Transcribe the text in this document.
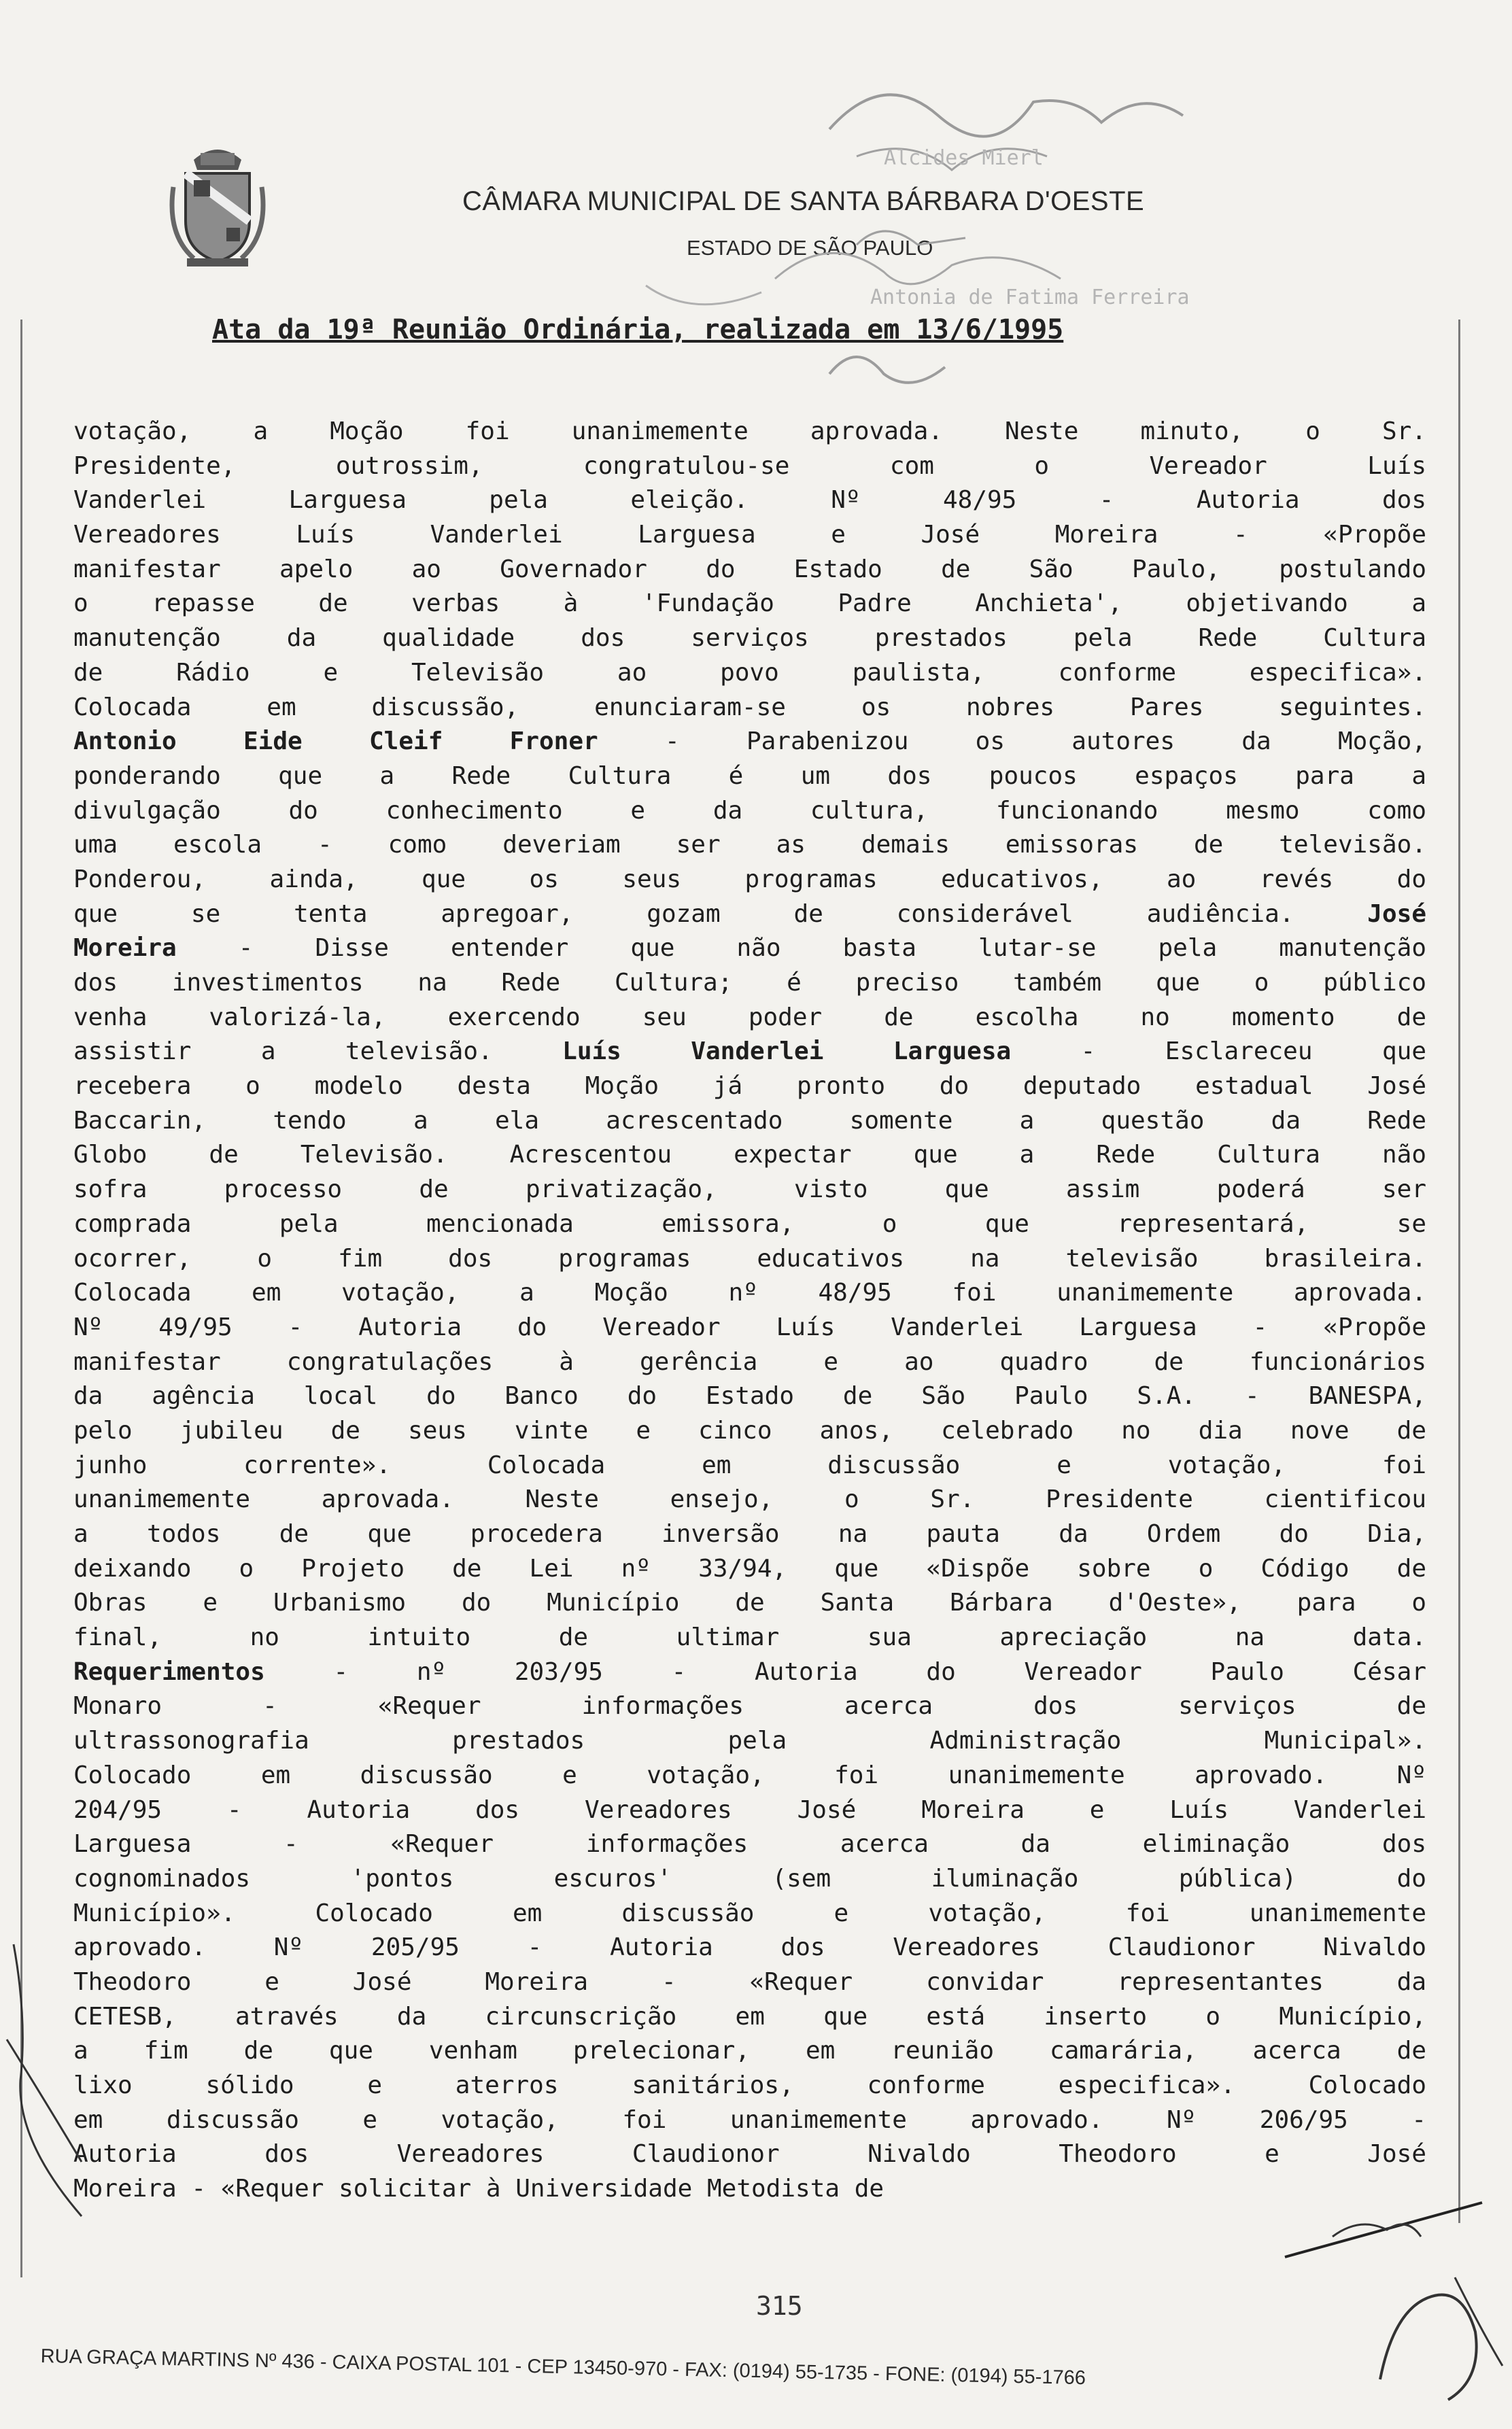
CÂMARA MUNICIPAL DE SANTA BÁRBARA D'OESTE
ESTADO DE SÃO PAULO
Ata da 19ª Reunião Ordinária, realizada em 13/6/1995
Alcides Mierl
Antonia de Fatima Ferreira
votação, a Moção foi unanimemente aprovada. Neste minuto, o Sr.
Presidente, outrossim, congratulou-se com o Vereador Luís
Vanderlei Larguesa pela eleição. Nº 48/95 - Autoria dos
Vereadores Luís Vanderlei Larguesa e José Moreira - «Propõe
manifestar apelo ao Governador do Estado de São Paulo, postulando
o repasse de verbas à 'Fundação Padre Anchieta', objetivando a
manutenção da qualidade dos serviços prestados pela Rede Cultura
de Rádio e Televisão ao povo paulista, conforme especifica».
Colocada em discussão, enunciaram-se os nobres Pares seguintes.
Antonio Eide Cleif Froner - Parabenizou os autores da Moção,
ponderando que a Rede Cultura é um dos poucos espaços para a
divulgação do conhecimento e da cultura, funcionando mesmo como
uma escola - como deveriam ser as demais emissoras de televisão.
Ponderou, ainda, que os seus programas educativos, ao revés do
que se tenta apregoar, gozam de considerável audiência. José
Moreira - Disse entender que não basta lutar-se pela manutenção
dos investimentos na Rede Cultura; é preciso também que o público
venha valorizá-la, exercendo seu poder de escolha no momento de
assistir a televisão. Luís Vanderlei Larguesa - Esclareceu que
recebera o modelo desta Moção já pronto do deputado estadual José
Baccarin, tendo a ela acrescentado somente a questão da Rede
Globo de Televisão. Acrescentou expectar que a Rede Cultura não
sofra processo de privatização, visto que assim poderá ser
comprada pela mencionada emissora, o que representará, se
ocorrer, o fim dos programas educativos na televisão brasileira.
Colocada em votação, a Moção nº 48/95 foi unanimemente aprovada.
Nº 49/95 - Autoria do Vereador Luís Vanderlei Larguesa - «Propõe
manifestar congratulações à gerência e ao quadro de funcionários
da agência local do Banco do Estado de São Paulo S.A. - BANESPA,
pelo jubileu de seus vinte e cinco anos, celebrado no dia nove de
junho corrente». Colocada em discussão e votação, foi
unanimemente aprovada. Neste ensejo, o Sr. Presidente cientificou
a todos de que procedera inversão na pauta da Ordem do Dia,
deixando o Projeto de Lei nº 33/94, que «Dispõe sobre o Código de
Obras e Urbanismo do Município de Santa Bárbara d'Oeste», para o
final, no intuito de ultimar sua apreciação na data.
Requerimentos - nº 203/95 - Autoria do Vereador Paulo César
Monaro - «Requer informações acerca dos serviços de
ultrassonografia prestados pela Administração Municipal».
Colocado em discussão e votação, foi unanimemente aprovado. Nº
204/95 - Autoria dos Vereadores José Moreira e Luís Vanderlei
Larguesa - «Requer informações acerca da eliminação dos
cognominados 'pontos escuros' (sem iluminação pública) do
Município». Colocado em discussão e votação, foi unanimemente
aprovado. Nº 205/95 - Autoria dos Vereadores Claudionor Nivaldo
Theodoro e José Moreira - «Requer convidar representantes da
CETESB, através da circunscrição em que está inserto o Município,
a fim de que venham prelecionar, em reunião camarária, acerca de
lixo sólido e aterros sanitários, conforme especifica». Colocado
em discussão e votação, foi unanimemente aprovado. Nº 206/95 -
Autoria dos Vereadores Claudionor Nivaldo Theodoro e José
Moreira - «Requer solicitar à Universidade Metodista de
315
RUA GRAÇA MARTINS Nº 436 - CAIXA POSTAL 101 - CEP 13450-970 - FAX: (0194) 55-1735 - FONE: (0194) 55-1766
